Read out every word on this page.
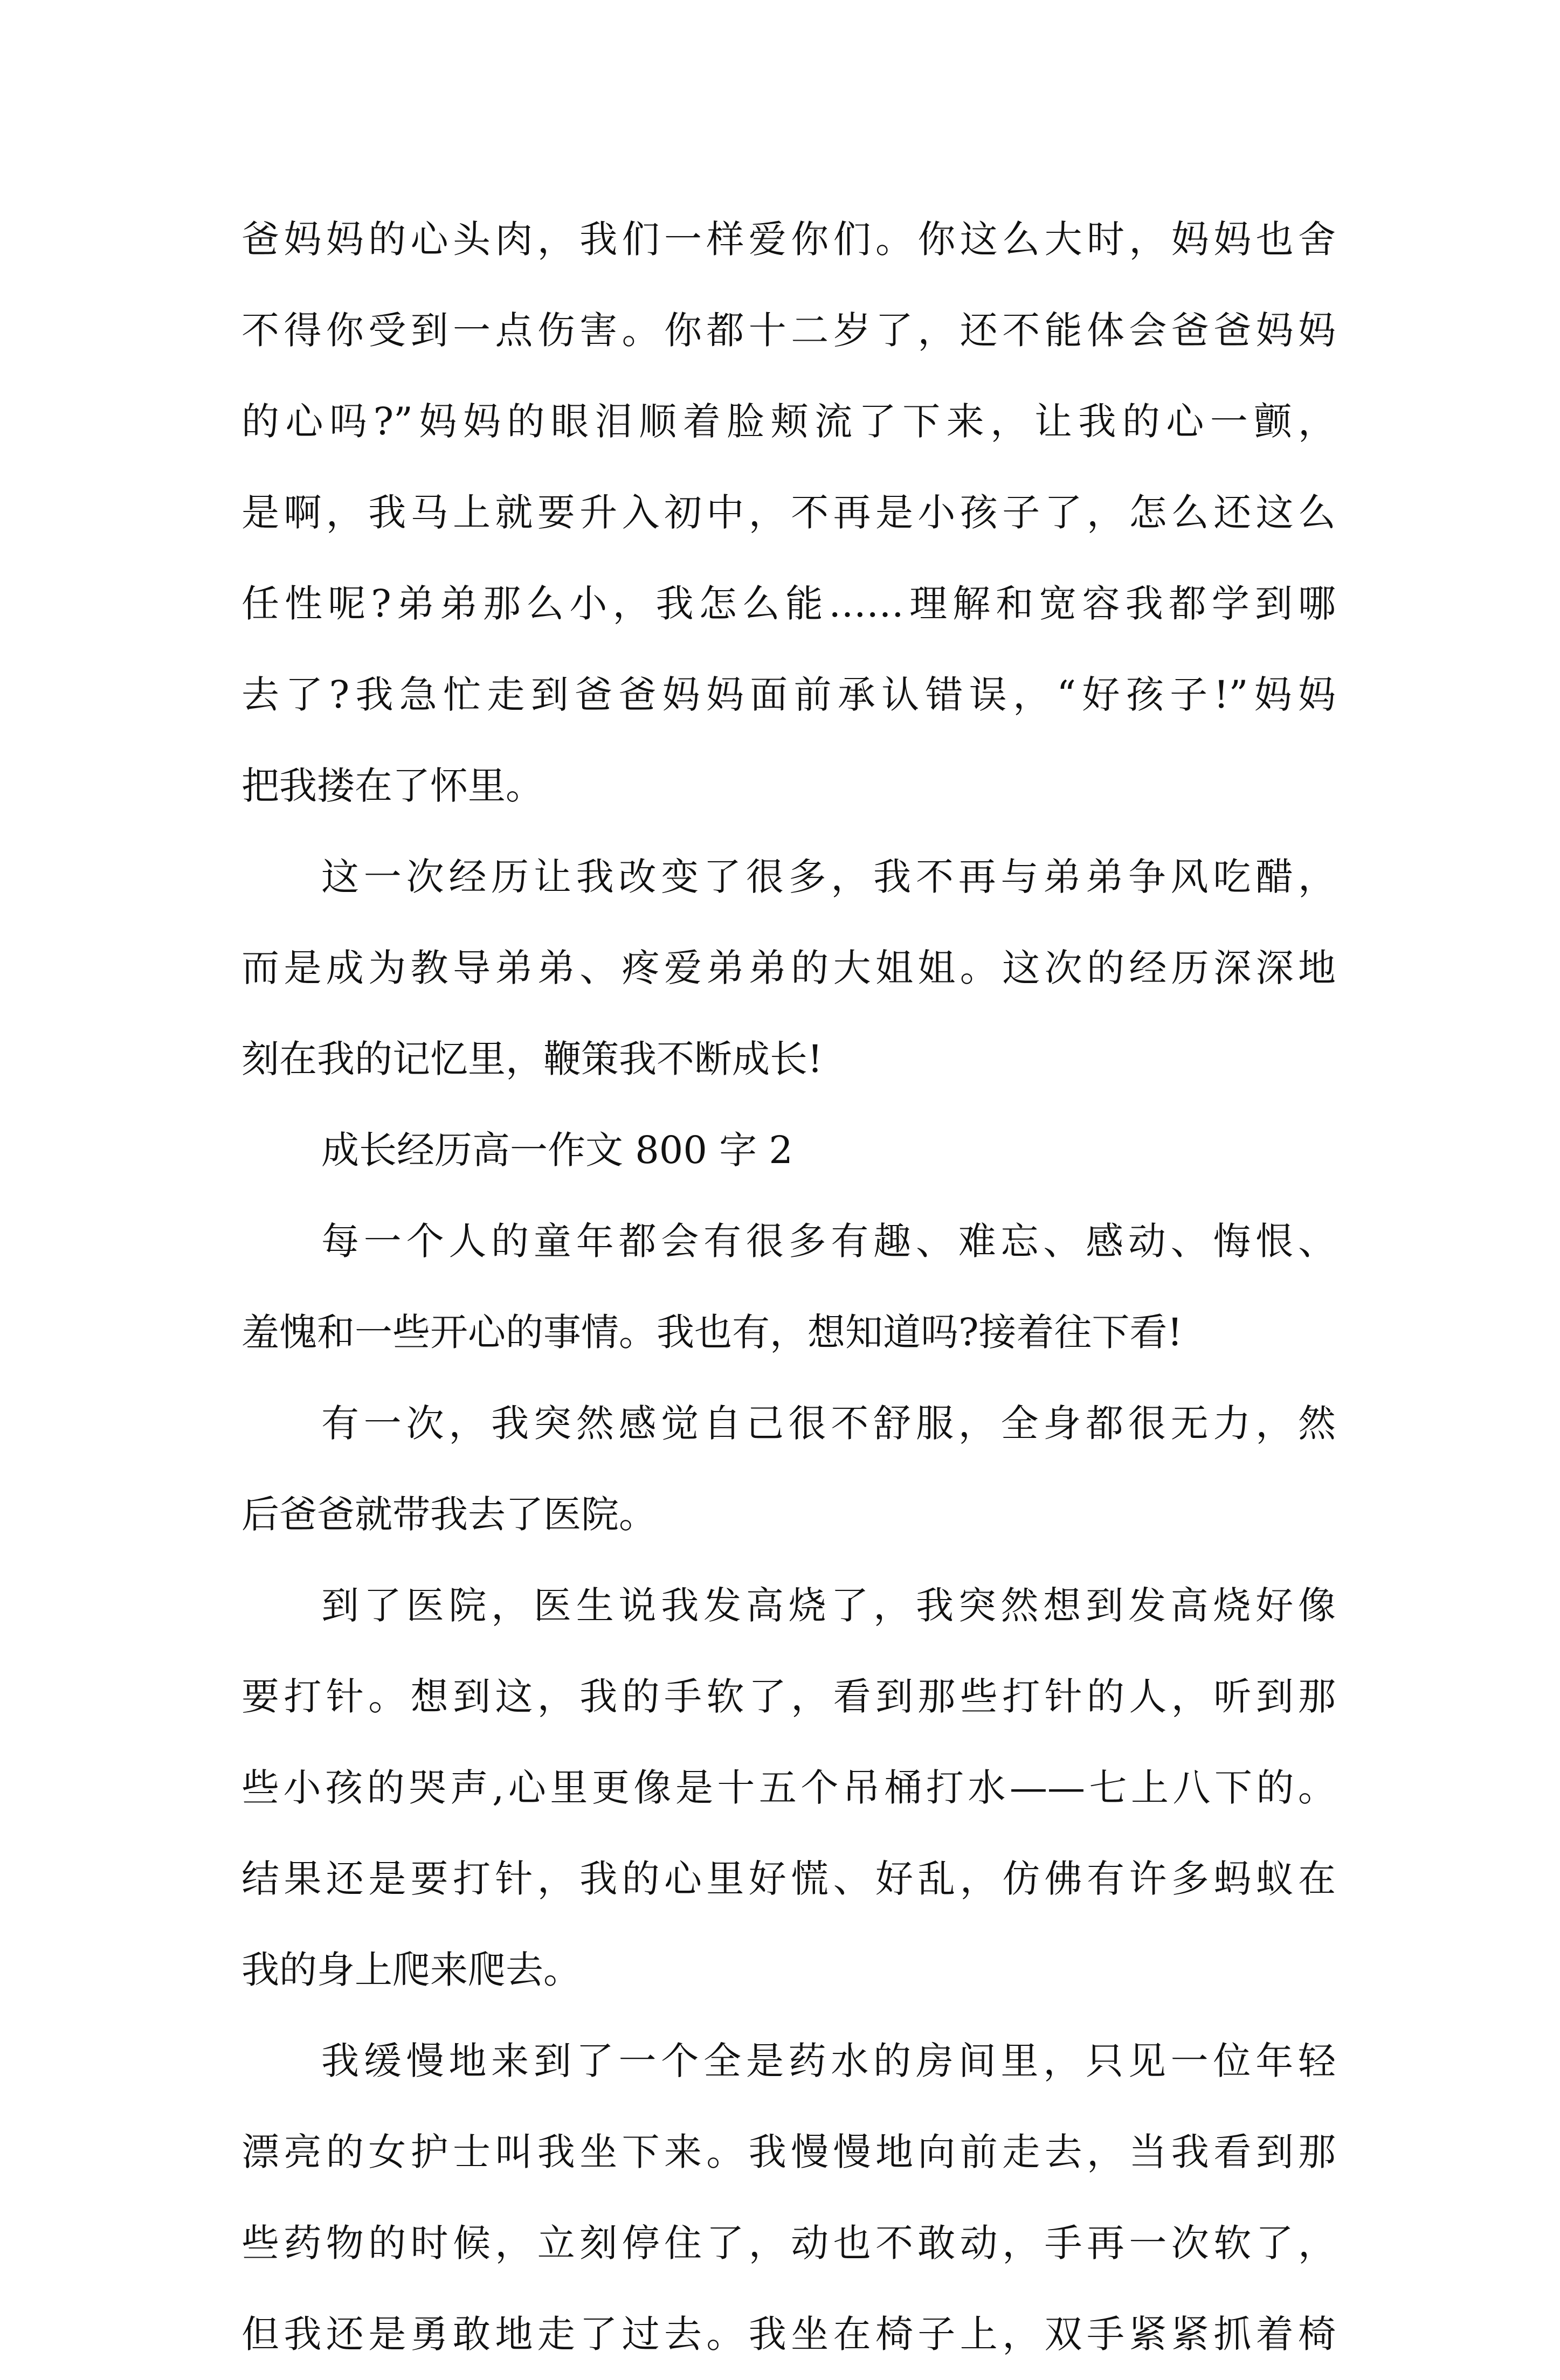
爸妈妈的心头肉，我们一样爱你们。你这么大时，妈妈也舍
不得你受到一点伤害。你都十二岁了，还不能体会爸爸妈妈
的心吗?”妈妈的眼泪顺着脸颊流了下来，让我的心一颤，
是啊，我马上就要升入初中，不再是小孩子了，怎么还这么
任性呢?弟弟那么小，我怎么能……理解和宽容我都学到哪
去了?我急忙走到爸爸妈妈面前承认错误，“好孩子!”妈妈
把我搂在了怀里。
这一次经历让我改变了很多，我不再与弟弟争风吃醋，
而是成为教导弟弟、疼爱弟弟的大姐姐。这次的经历深深地
刻在我的记忆里，鞭策我不断成长!
成长经历高一作文 800 字 2
每一个人的童年都会有很多有趣、难忘、感动、悔恨、
羞愧和一些开心的事情。我也有，想知道吗?接着往下看!
有一次，我突然感觉自己很不舒服，全身都很无力，然
后爸爸就带我去了医院。
到了医院，医生说我发高烧了，我突然想到发高烧好像
要打针。想到这，我的手软了，看到那些打针的人，听到那
些小孩的哭声,心里更像是十五个吊桶打水——七上八下的。
结果还是要打针，我的心里好慌、好乱，仿佛有许多蚂蚁在
我的身上爬来爬去。
我缓慢地来到了一个全是药水的房间里，只见一位年轻
漂亮的女护士叫我坐下来。我慢慢地向前走去，当我看到那
些药物的时候，立刻停住了，动也不敢动，手再一次软了，
但我还是勇敢地走了过去。我坐在椅子上，双手紧紧抓着椅
